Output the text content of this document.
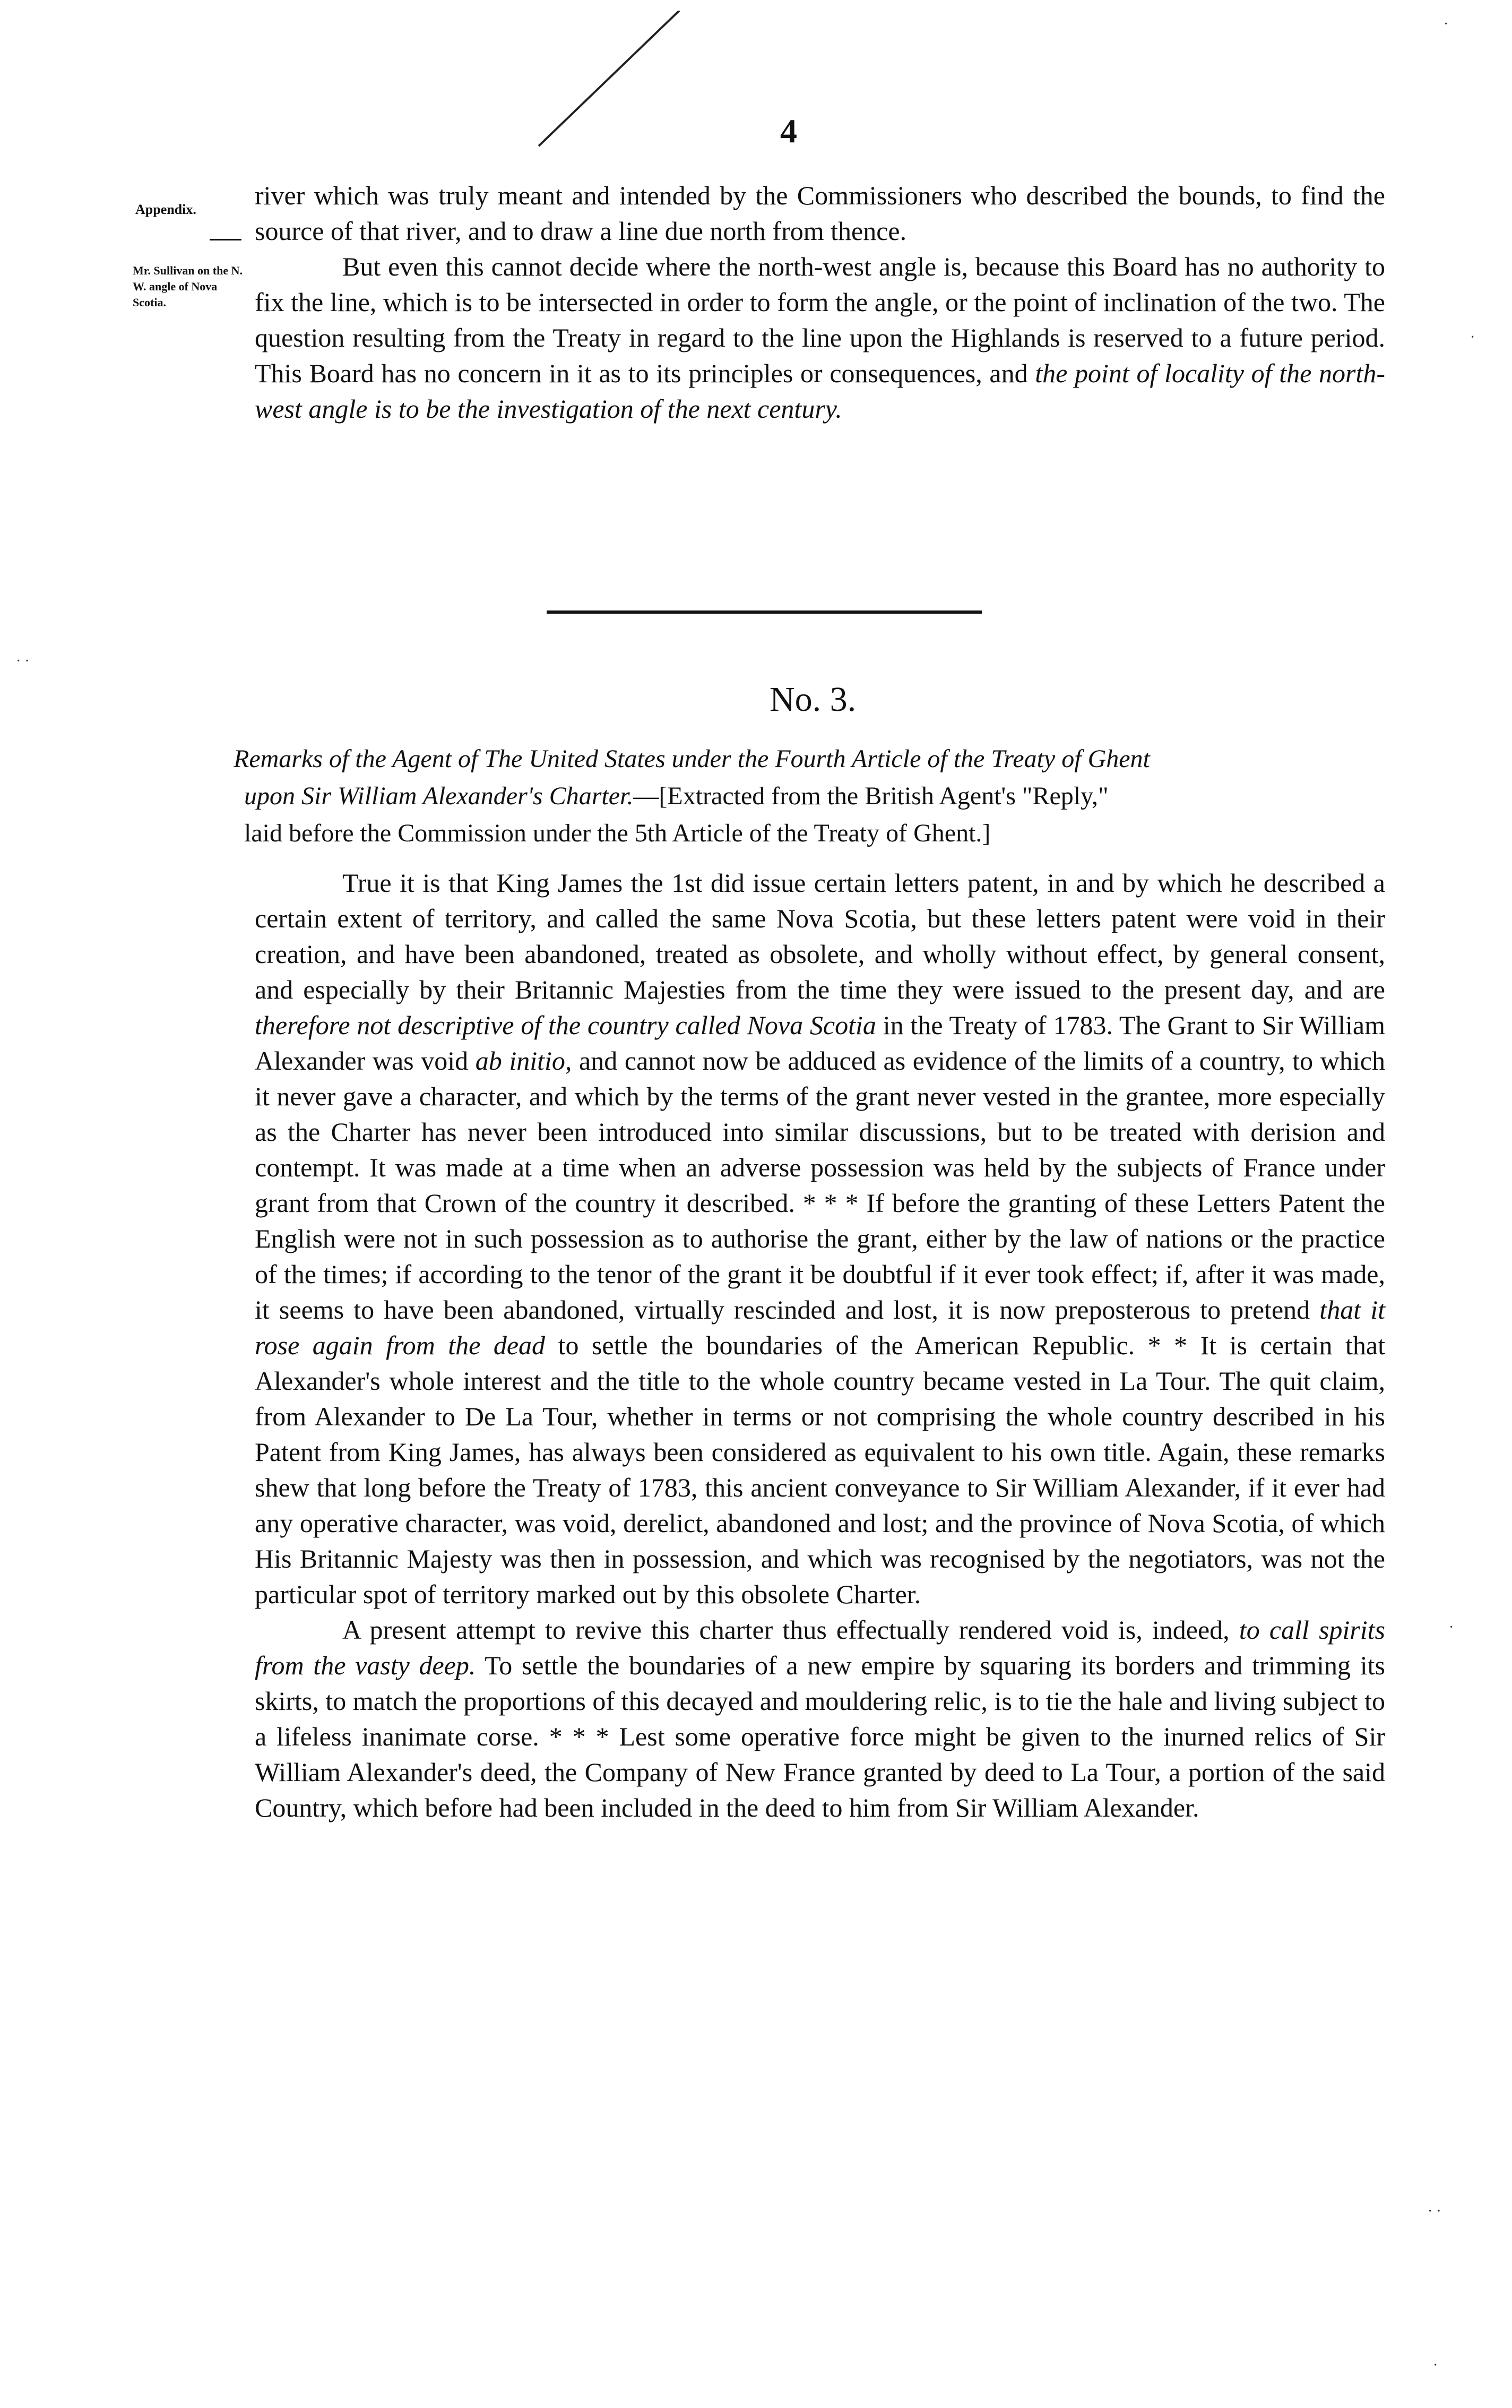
4
Appendix.
Mr. Sullivan on the N. W. angle of Nova Scotia.

river which was truly meant and intended by the Commissioners who described the bounds, to find the source of that river, and to draw a line due north from thence.

But even this cannot decide where the north-west angle is, because this Board has no authority to fix the line, which is to be intersected in order to form the angle, or the point of inclination of the two. The question resulting from the Treaty in regard to the line upon the Highlands is reserved to a future period. This Board has no concern in it as to its principles or consequences, and the point of locality of the north-west angle is to be the investigation of the next century.

No. 3.
Remarks of the Agent of The United States under the Fourth Article of the Treaty of Ghent
upon Sir William Alexander's Charter.—[Extracted from the British Agent's "Reply,"
laid before the Commission under the 5th Article of the Treaty of Ghent.]

True it is that King James the 1st did issue certain letters patent, in and by which he described a certain extent of territory, and called the same Nova Scotia, but these letters patent were void in their creation, and have been abandoned, treated as obsolete, and wholly without effect, by general consent, and especially by their Britannic Majesties from the time they were issued to the present day, and are therefore not descriptive of the country called Nova Scotia in the Treaty of 1783. The Grant to Sir William Alexander was void ab initio, and cannot now be adduced as evidence of the limits of a country, to which it never gave a character, and which by the terms of the grant never vested in the grantee, more especially as the Charter has never been introduced into similar discussions, but to be treated with derision and contempt. It was made at a time when an adverse possession was held by the subjects of France under grant from that Crown of the country it described. * * * If before the granting of these Letters Patent the English were not in such possession as to authorise the grant, either by the law of nations or the practice of the times; if according to the tenor of the grant it be doubtful if it ever took effect; if, after it was made, it seems to have been abandoned, virtually rescinded and lost, it is now preposterous to pretend that it rose again from the dead to settle the boundaries of the American Republic. * * It is certain that Alexander's whole interest and the title to the whole country became vested in La Tour. The quit claim, from Alexander to De La Tour, whether in terms or not comprising the whole country described in his Patent from King James, has always been considered as equivalent to his own title. Again, these remarks shew that long before the Treaty of 1783, this ancient conveyance to Sir William Alexander, if it ever had any operative character, was void, derelict, abandoned and lost; and the province of Nova Scotia, of which His Britannic Majesty was then in possession, and which was recognised by the negotiators, was not the particular spot of territory marked out by this obsolete Charter.

A present attempt to revive this charter thus effectually rendered void is, indeed, to call spirits from the vasty deep. To settle the boundaries of a new empire by squaring its borders and trimming its skirts, to match the proportions of this decayed and mouldering relic, is to tie the hale and living subject to a lifeless inanimate corse. * * * Lest some operative force might be given to the inurned relics of Sir William Alexander's deed, the Company of New France granted by deed to La Tour, a portion of the said Country, which before had been included in the deed to him from Sir William Alexander.

·
·
· ·
·
· ·
·
